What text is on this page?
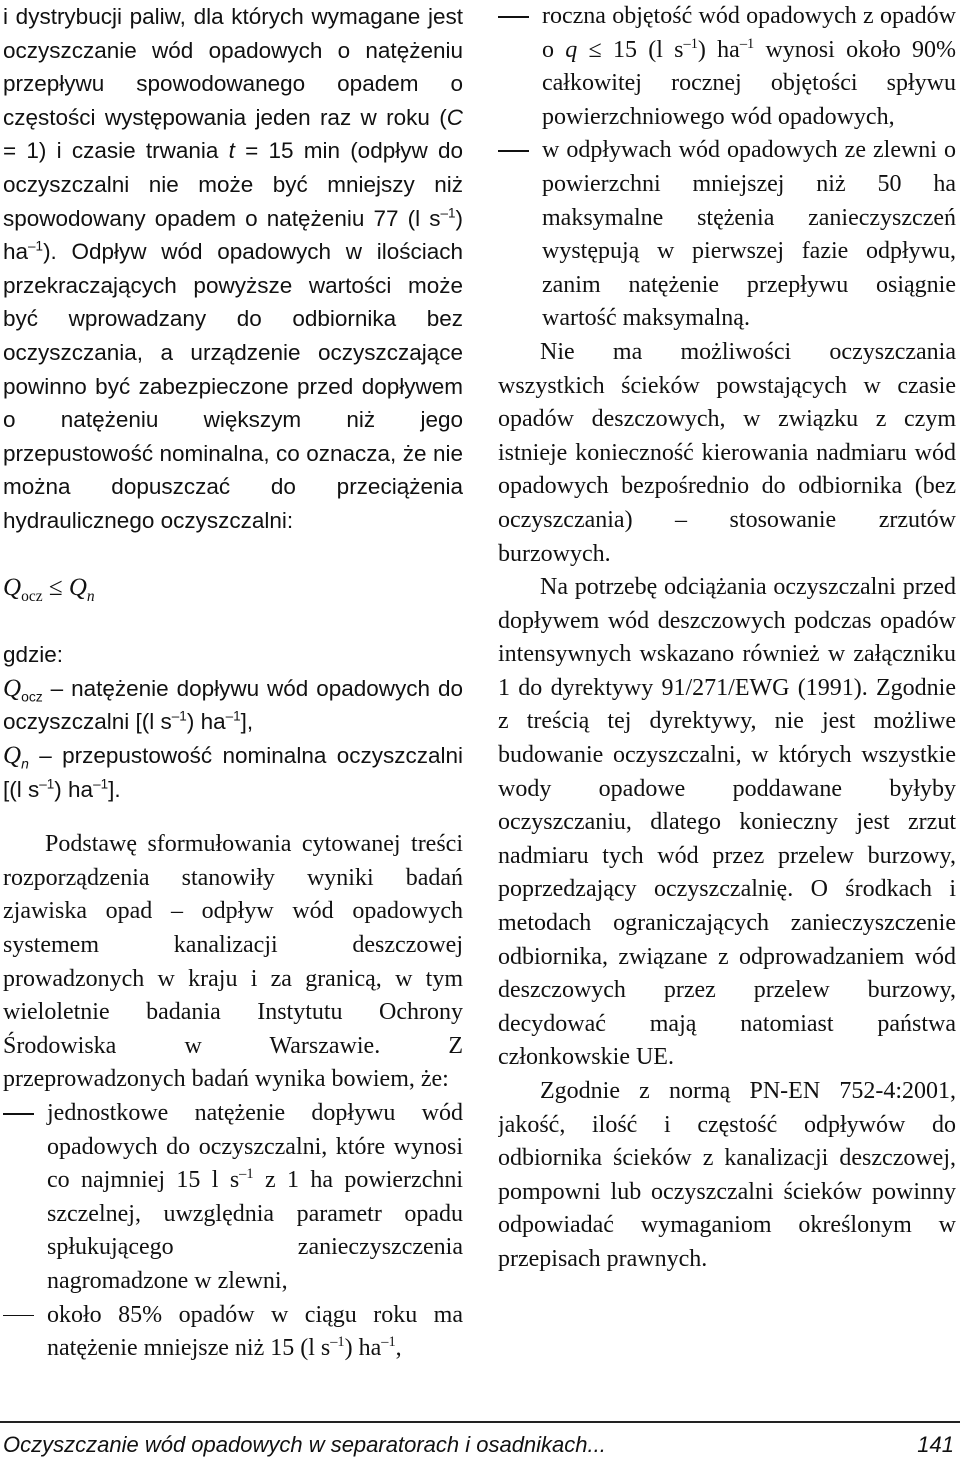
i dystrybucji paliw, dla których wymagane jest oczyszczanie wód opadowych o natężeniu przepływu spowodowanego opadem o częstości występowania jeden raz w roku (C = 1) i czasie trwania t = 15 min (odpływ do oczyszczalni nie może być mniejszy niż spowodowany opadem o natężeniu 77 (l $s^{-1}$) $ha^{-1}$). Odpływ wód opadowych w ilościach przekraczających powyższe wartości może być wprowadzany do odbiornika bez oczyszczania, a urządzenie oczyszczające powinno być zabezpieczone przed dopływem o natężeniu większym niż jego przepustowość nominalna, co oznacza, że nie można dopuszczać do przeciążenia hydraulicznego oczyszczalni:

$Q_{ocz} \le Q_n$

gdzie:

$Q_{ocz}$ – natężenie dopływu wód opadowych do oczyszczalni [(l $s^{-1}$) $ha^{-1}$],

$Q_n$ – przepustowość nominalna oczyszczalni [(l $s^{-1}$) $ha^{-1}$].

Podstawę sformułowania cytowanej treści rozporządzenia stanowiły wyniki badań zjawiska opad – odpływ wód opadowych systemem kanalizacji deszczowej prowadzonych w kraju i za granicą, w tym wieloletnie badania Instytutu Ochrony Środowiska w Warszawie. Z przeprowadzonych badań wynika bowiem, że:

jednostkowe natężenie dopływu wód opadowych do oczyszczalni, które wynosi co najmniej 15 l $s^{-1}$ z 1 ha powierzchni szczelnej, uwzględnia parametr opadu spłukującego zanieczyszczenia nagromadzone w zlewni,
około 85% opadów w ciągu roku ma natężenie mniejsze niż 15 (l $s^{-1}$) $ha^{-1}$,
roczna objętość wód opadowych z opadów o q ≤ 15 (l $s^{-1}$) $ha^{-1}$ wynosi około 90% całkowitej rocznej objętości spływu powierzchniowego wód opadowych,
w odpływach wód opadowych ze zlewni o powierzchni mniejszej niż 50 ha maksymalne stężenia zanieczyszczeń występują w pierwszej fazie odpływu, zanim natężenie przepływu osiągnie wartość maksymalną.

Nie ma możliwości oczyszczania wszystkich ścieków powstających w czasie opadów deszczowych, w związku z czym istnieje konieczność kierowania nadmiaru wód opadowych bezpośrednio do odbiornika (bez oczyszczania) – stosowanie zrzutów burzowych.

Na potrzebę odciążania oczyszczalni przed dopływem wód deszczowych podczas opadów intensywnych wskazano również w załączniku 1 do dyrektywy 91/271/EWG (1991). Zgodnie z treścią tej dyrektywy, nie jest możliwe budowanie oczyszczalni, w których wszystkie wody opadowe poddawane byłyby oczyszczaniu, dlatego konieczny jest zrzut nadmiaru tych wód przez przelew burzowy, poprzedzający oczyszczalnię. O środkach i metodach ograniczających zanieczyszczenie odbiornika, związane z odprowadzaniem wód deszczowych przez przelew burzowy, decydować mają natomiast państwa członkowskie UE.

Zgodnie z normą PN-EN 752-4:2001, jakość, ilość i częstość odpływów do odbiornika ścieków z kanalizacji deszczowej, pompowni lub oczyszczalni ścieków powinny odpowiadać wymaganiom określonym w przepisach prawnych.

Oczyszczanie wód opadowych w separatorach i osadnikach...	141
